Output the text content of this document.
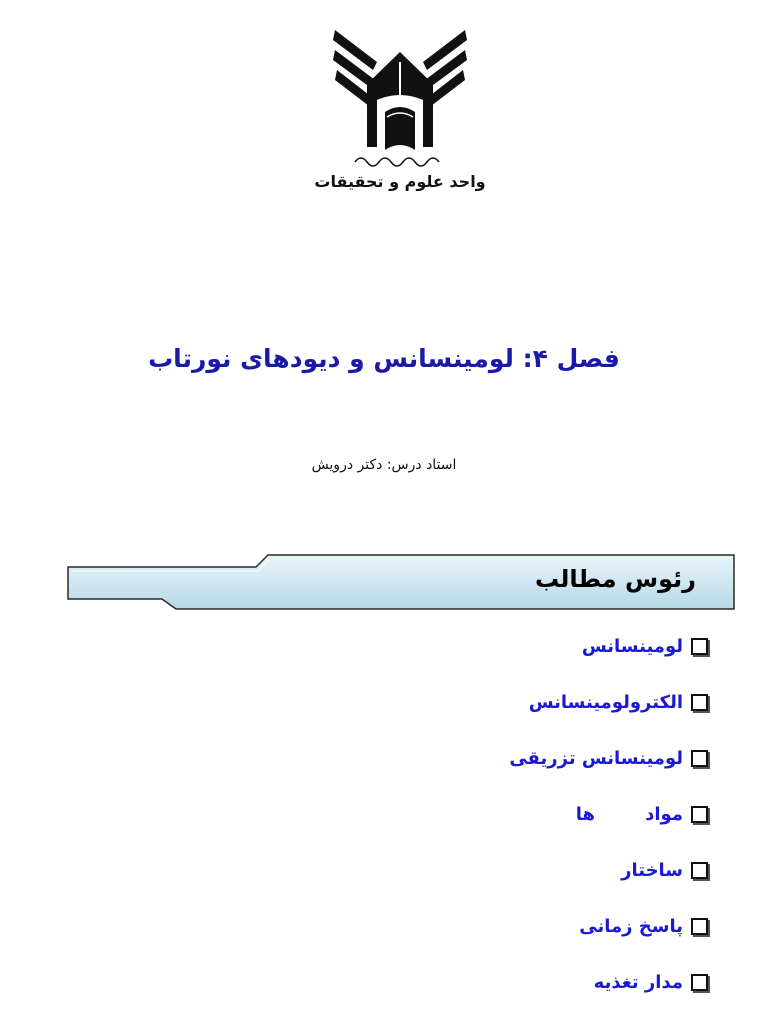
واحد علوم و تحقیقات
فصل ۴: لومینسانس و دیودهای نورتاب
استاد درس: دکتر درویش
رئوس مطالب
لومینسانس
الکترولومینسانس
لومینسانس تزریقی
مواد        ها
ساختار
پاسخ زمانی
مدار تغذیه
